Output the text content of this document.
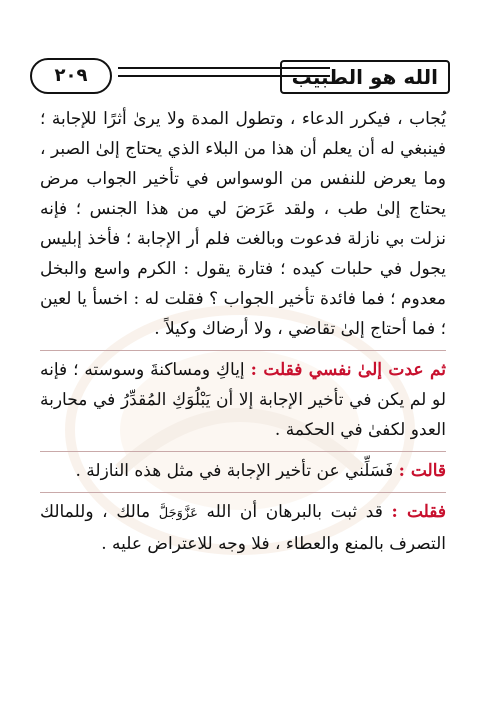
الله هو الطبيب
٢٠٩

يُجاب ، فيكرر الدعاء ، وتطول المدة ولا يرىٰ أثرًا للإجابة ؛ فينبغي له أن يعلم أن هذا من البلاء الذي يحتاج إلىٰ الصبر ، وما يعرض للنفس من الوسواس في تأخير الجواب مرض يحتاج إلىٰ طب ، ولقد عَرَضَ لي من هذا الجنس ؛ فإنه نزلت بي نازلة فدعوت وبالغت فلم أر الإجابة ؛ فأخذ إبليس يجول في حلبات كيده ؛ فتارة يقول : الكرم واسع والبخل معدوم ؛ فما فائدة تأخير الجواب ؟ فقلت له : اخسأ يا لعين ؛ فما أحتاج إلىٰ تقاضي ، ولا أرضاك وكيلاً .

ثم عدت إلىٰ نفسي فقلت : إياكِ ومساكنةَ وسوسته ؛ فإنه لو لم يكن في تأخير الإجابة إلا أن يَبْلُوَكِ المُقدِّرُ في محاربة العدو لكفىٰ في الحكمة .

قالت : فَسَلِّني عن تأخير الإجابة في مثل هذه النازلة .

فقلت : قد ثبت بالبرهان أن الله عَزَّوَجَلَّ مالك ، وللمالك التصرف بالمنع والعطاء ، فلا وجه للاعتراض عليه .
